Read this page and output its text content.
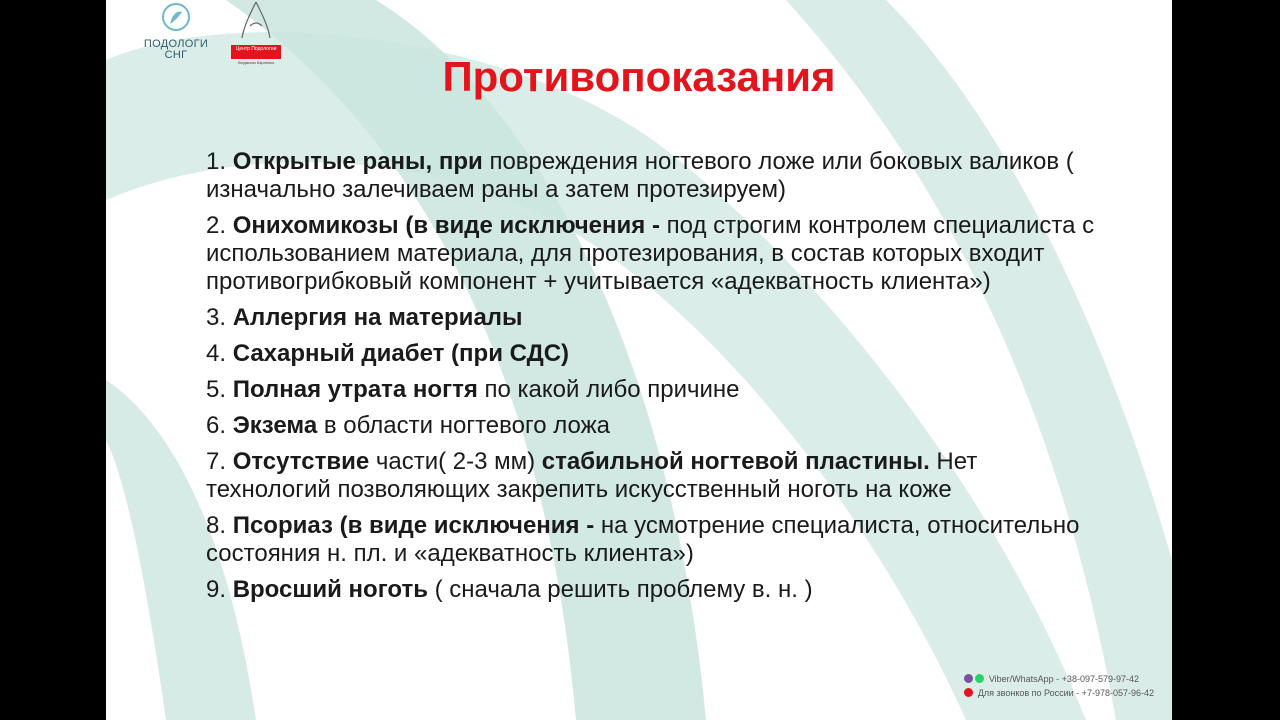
ПОДОЛОГИ
СНГ	Центр Подологии
Людмилы Карпенко	Противопоказания
1. Открытые раны, при повреждения ногтевого ложе или боковых валиков ( изначально залечиваем раны а затем протезируем)
2. Онихомикозы (в виде исключения - под строгим контролем специалиста с использованием материала, для протезирования, в состав которых входит противогрибковый компонент + учитывается «адекватность клиента»)
3. Аллергия на материалы
4. Сахарный диабет (при СДС)
5. Полная утрата ногтя по какой либо причине
6. Экзема в области ногтевого ложа
7. Отсутствие части( 2-3 мм) стабильной ногтевой пластины. Нет технологий позволяющих закрепить искусственный ноготь на коже
8. Псориаз (в виде исключения - на усмотрение специалиста, относительно состояния н. пл. и «адекватность клиента»)
9. Вросший ноготь ( сначала решить проблему в. н. )
Viber/WhatsApp - +38-097-579-97-42
Для звонков по России - +7-978-057-96-42
